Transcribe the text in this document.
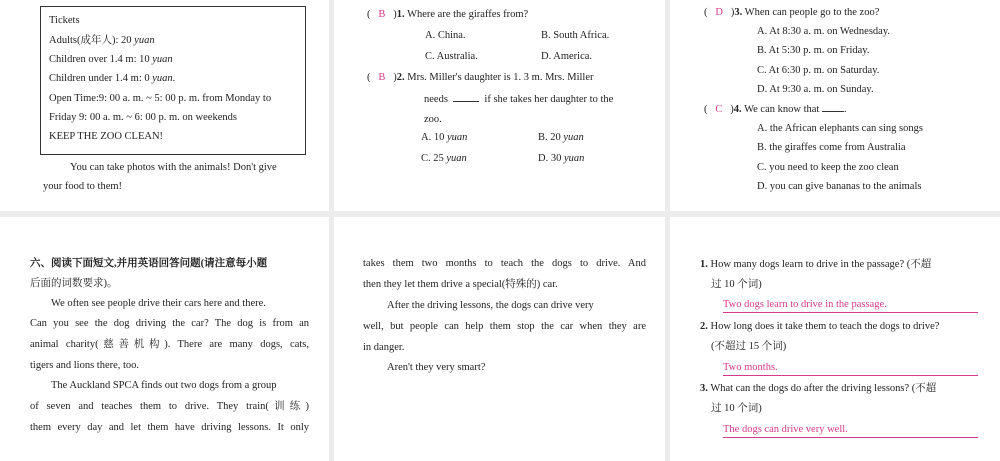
Tickets
Adults(成年人): 20 yuan
Children over 1.4 m: 10 yuan
Children under 1.4 m: 0 yuan.
Open Time:9: 00 a. m. ~ 5: 00 p. m. from Monday to
Friday 9: 00 a. m. ~ 6: 00 p. m. on weekends
KEEP THE ZOO CLEAN!
You can take photos with the animals! Don't give
your food to them!
(   B   )1. Where are the giraffes from?
A. China.	B. South Africa.
C. Australia.	D. America.
(   B   )2. Mrs. Miller's daughter is 1. 3 m. Mrs. Miller
needs	if she takes her daughter to the
zoo.
A. 10 yuan	B. 20 yuan
C. 25 yuan	D. 30 yuan
(   D   )3. When can people go to the zoo?
A. At 8:30 a. m. on Wednesday.
B. At 5:30 p. m. on Friday.
C. At 6:30 p. m. on Saturday.
D. At 9:30 a. m. on Sunday.
(   C   )4. We can know that .
A. the African elephants can sing songs
B. the giraffes come from Australia
C. you need to keep the zoo clean
D. you can give bananas to the animals
六、阅读下面短文,并用英语回答问题(请注意每小题
后面的词数要求)。
We often see people drive their cars here and there.
Can you see the dog driving the car? The dog is from an
animal charity(慈善机构). There are many dogs, cats,
tigers and lions there, too.
The Auckland SPCA finds out two dogs from a group
of seven and teaches them to drive. They train(训练)
them every day and let them have driving lessons. It only
takes them two months to teach the dogs to drive. And
then they let them drive a special(特殊的) car.
After the driving lessons, the dogs can drive very
well, but people can help them stop the car when they are
in danger.
Aren't they very smart?
1. How many dogs learn to drive in the passage? (不超
过 10 个词)
Two dogs learn to drive in the passage.
2. How long does it take them to teach the dogs to drive?
(不超过 15 个词)
Two months.
3. What can the dogs do after the driving lessons? (不超
过 10 个词)
The dogs can drive very well.
